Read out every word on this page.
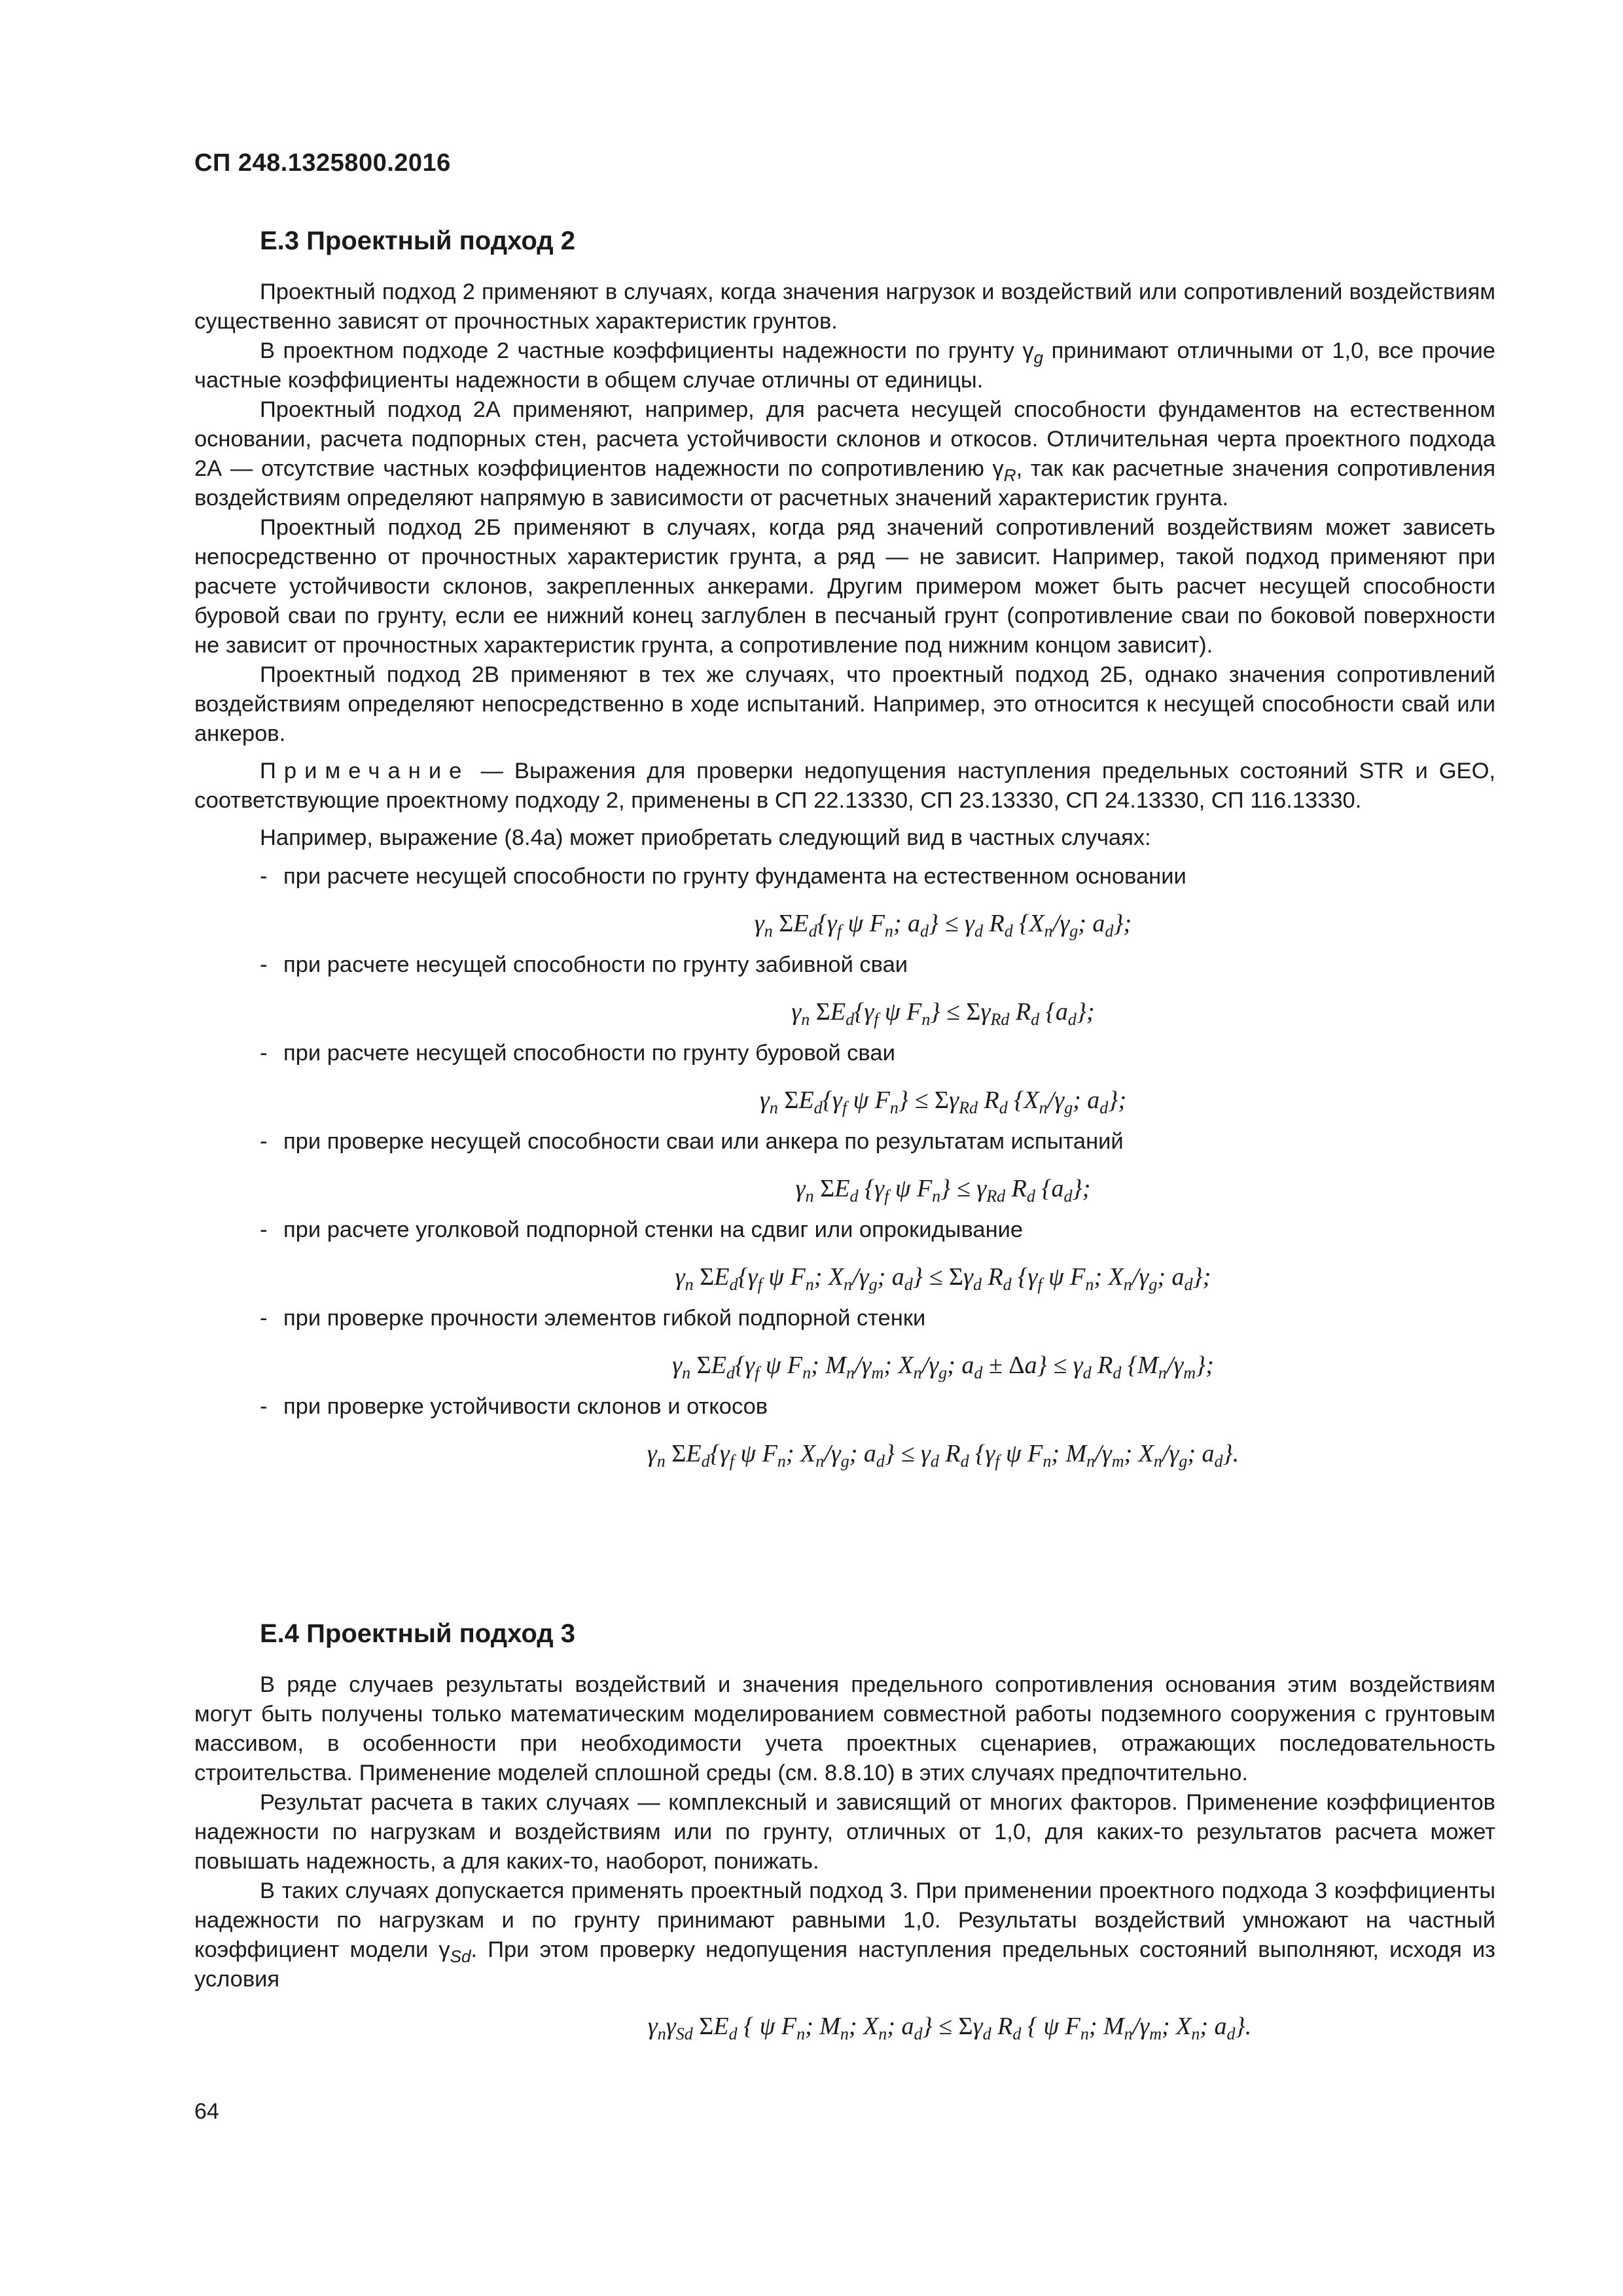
СП 248.1325800.2016
Е.3 Проектный подход 2

Проектный подход 2 применяют в случаях, когда значения нагрузок и воздействий или сопротивлений воздействиям существенно зависят от прочностных характеристик грунтов.

В проектном подходе 2 частные коэффициенты надежности по грунту $\gamma_g$ принимают отличными от 1,0, все прочие частные коэффициенты надежности в общем случае отличны от единицы.

Проектный подход 2А применяют, например, для расчета несущей способности фундаментов на естественном основании, расчета подпорных стен, расчета устойчивости склонов и откосов. Отличительная черта проектного подхода 2А — отсутствие частных коэффициентов надежности по сопротивлению $\gamma_R$, так как расчетные значения сопротивления воздействиям определяют напрямую в зависимости от расчетных значений характеристик грунта.

Проектный подход 2Б применяют в случаях, когда ряд значений сопротивлений воздействиям может зависеть непосредственно от прочностных характеристик грунта, а ряд — не зависит. Например, такой подход применяют при расчете устойчивости склонов, закрепленных анкерами. Другим примером может быть расчет несущей способности буровой сваи по грунту, если ее нижний конец заглублен в песчаный грунт (сопротивление сваи по боковой поверхности не зависит от прочностных характеристик грунта, а сопротивление под нижним концом зависит).

Проектный подход 2В применяют в тех же случаях, что проектный подход 2Б, однако значения сопротивлений воздействиям определяют непосредственно в ходе испытаний. Например, это относится к несущей способности свай или анкеров.

Примечание — Выражения для проверки недопущения наступления предельных состояний STR и GEO, соответствующие проектному подходу 2, применены в СП 22.13330, СП 23.13330, СП 24.13330, СП 116.13330.

Например, выражение (8.4а) может приобретать следующий вид в частных случаях:

- при расчете несущей способности по грунту фундамента на естественном основании
$\gamma_n$ $\Sigma E_d\{\gamma_f$ ψ $F_n$; $a_d\} \le \gamma_d$ $R_d$ {$X_n/\gamma_g$; $a_d$};
- при расчете несущей способности по грунту забивной сваи
$\gamma_n$ $\Sigma E_d\{\gamma_f$ ψ $F_n\} \le \Sigma\gamma_{Rd}$ $R_d$ $\{a_d\}$;
- при расчете несущей способности по грунту буровой сваи
$\gamma_n$ $\Sigma E_d\{\gamma_f$ ψ $F_n\} \le \Sigma\gamma_{Rd}$ $R_d$ {$X_n/\gamma_g$; $a_d$};
- при проверке несущей способности сваи или анкера по результатам испытаний
$\gamma_n$ $\Sigma E_d$ {$\gamma_f$ ψ $F_n\} \le \gamma_{Rd}$ $R_d$ $\{a_d\}$;
- при расчете уголковой подпорной стенки на сдвиг или опрокидывание
$\gamma_n$ $\Sigma E_d\{\gamma_f$ ψ $F_n$; $X_n/\gamma_g$; $a_d\} \le \Sigma\gamma_d$ $R_d$ {$\gamma_f$ ψ $F_n$; $X_n/\gamma_g$; $a_d$};
- при проверке прочности элементов гибкой подпорной стенки
$\gamma_n$ $\Sigma E_d\{\gamma_f$ ψ $F_n$; $M_n/\gamma_m$; $X_n/\gamma_g$; $a_d \pm \Delta a\} \le \gamma_d$ $R_d$ $\{M_n/\gamma_m\}$;
- при проверке устойчивости склонов и откосов
$\gamma_n$ $\Sigma E_d\{\gamma_f$ ψ $F_n$; $X_n/\gamma_g$; $a_d\} \le \gamma_d$ $R_d$ {$\gamma_f$ ψ $F_n$; $M_n/\gamma_m$; $X_n/\gamma_g$; $a_d$}.
Е.4 Проектный подход 3

В ряде случаев результаты воздействий и значения предельного сопротивления основания этим воздействиям могут быть получены только математическим моделированием совместной работы подземного сооружения с грунтовым массивом, в особенности при необходимости учета проектных сценариев, отражающих последовательность строительства. Применение моделей сплошной среды (см. 8.8.10) в этих случаях предпочтительно.

Результат расчета в таких случаях — комплексный и зависящий от многих факторов. Применение коэффициентов надежности по нагрузкам и воздействиям или по грунту, отличных от 1,0, для каких-то результатов расчета может повышать надежность, а для каких-то, наоборот, понижать.

В таких случаях допускается применять проектный подход 3. При применении проектного подхода 3 коэффициенты надежности по нагрузкам и по грунту принимают равными 1,0. Результаты воздействий умножают на частный коэффициент модели $\gamma_{Sd}$. При этом проверку недопущения наступления предельных состояний выполняют, исходя из условия

$\gamma_n\gamma_{Sd}$ $\Sigma E_d$ { ψ $F_n$; $M_n$; $X_n$; $a_d\} \le \Sigma\gamma_d$ $R_d$ { ψ $F_n$; $M_n/\gamma_m$; $X_n$; $a_d$}.
64
